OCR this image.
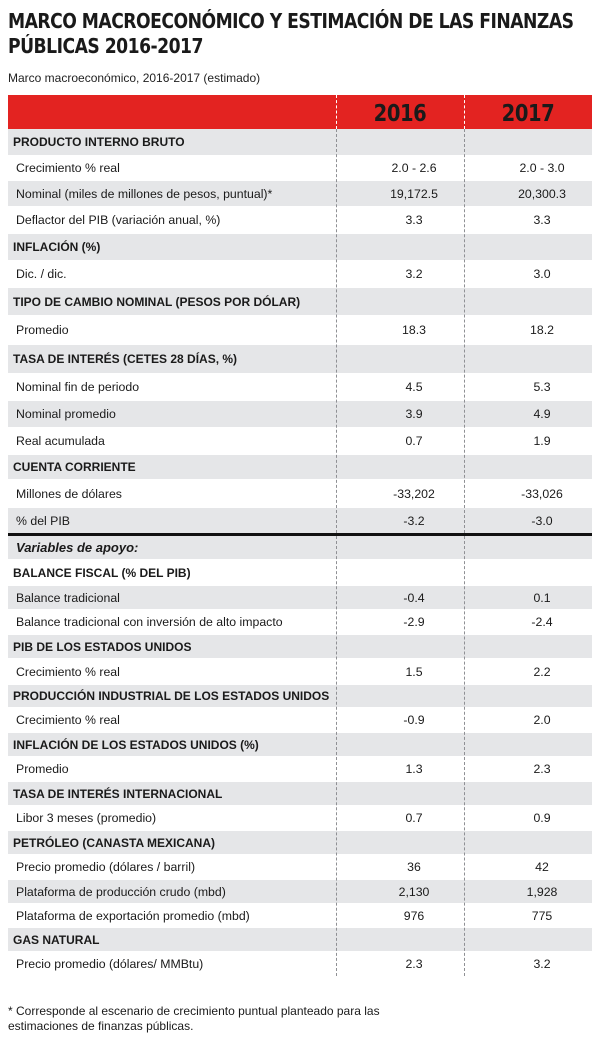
MARCO MACROECONÓMICO Y ESTIMACIÓN DE LAS FINANZAS PÚBLICAS 2016-2017
Marco macroeconómico, 2016-2017 (estimado)
2016	2017
PRODUCTO INTERNO BRUTO
Crecimiento % real	2.0 - 2.6	2.0 - 3.0
Nominal (miles de millones de pesos, puntual)*	19,172.5	20,300.3
Deflactor del PIB (variación anual, %)	3.3	3.3
INFLACIÓN (%)
Dic. / dic.	3.2	3.0
TIPO DE CAMBIO NOMINAL (PESOS POR DÓLAR)
Promedio	18.3	18.2
TASA DE INTERÉS (CETES 28 DÍAS, %)
Nominal fin de periodo	4.5	5.3
Nominal promedio	3.9	4.9
Real acumulada	0.7	1.9
CUENTA CORRIENTE
Millones de dólares	-33,202	-33,026
% del PIB	-3.2	-3.0
Variables de apoyo:
BALANCE FISCAL (% DEL PIB)
Balance tradicional	-0.4	0.1
Balance tradicional con inversión de alto impacto	-2.9	-2.4
PIB DE LOS ESTADOS UNIDOS
Crecimiento % real	1.5	2.2
PRODUCCIÓN INDUSTRIAL DE LOS ESTADOS UNIDOS
Crecimiento % real	-0.9	2.0
INFLACIÓN DE LOS ESTADOS UNIDOS (%)
Promedio	1.3	2.3
TASA DE INTERÉS INTERNACIONAL
Libor 3 meses (promedio)	0.7	0.9
PETRÓLEO (CANASTA MEXICANA)
Precio promedio (dólares / barril)	36	42
Plataforma de producción crudo (mbd)	2,130	1,928
Plataforma de exportación promedio (mbd)	976	775
GAS NATURAL
Precio promedio (dólares/ MMBtu)	2.3	3.2
* Corresponde al escenario de crecimiento puntual planteado para las estimaciones de finanzas públicas.
